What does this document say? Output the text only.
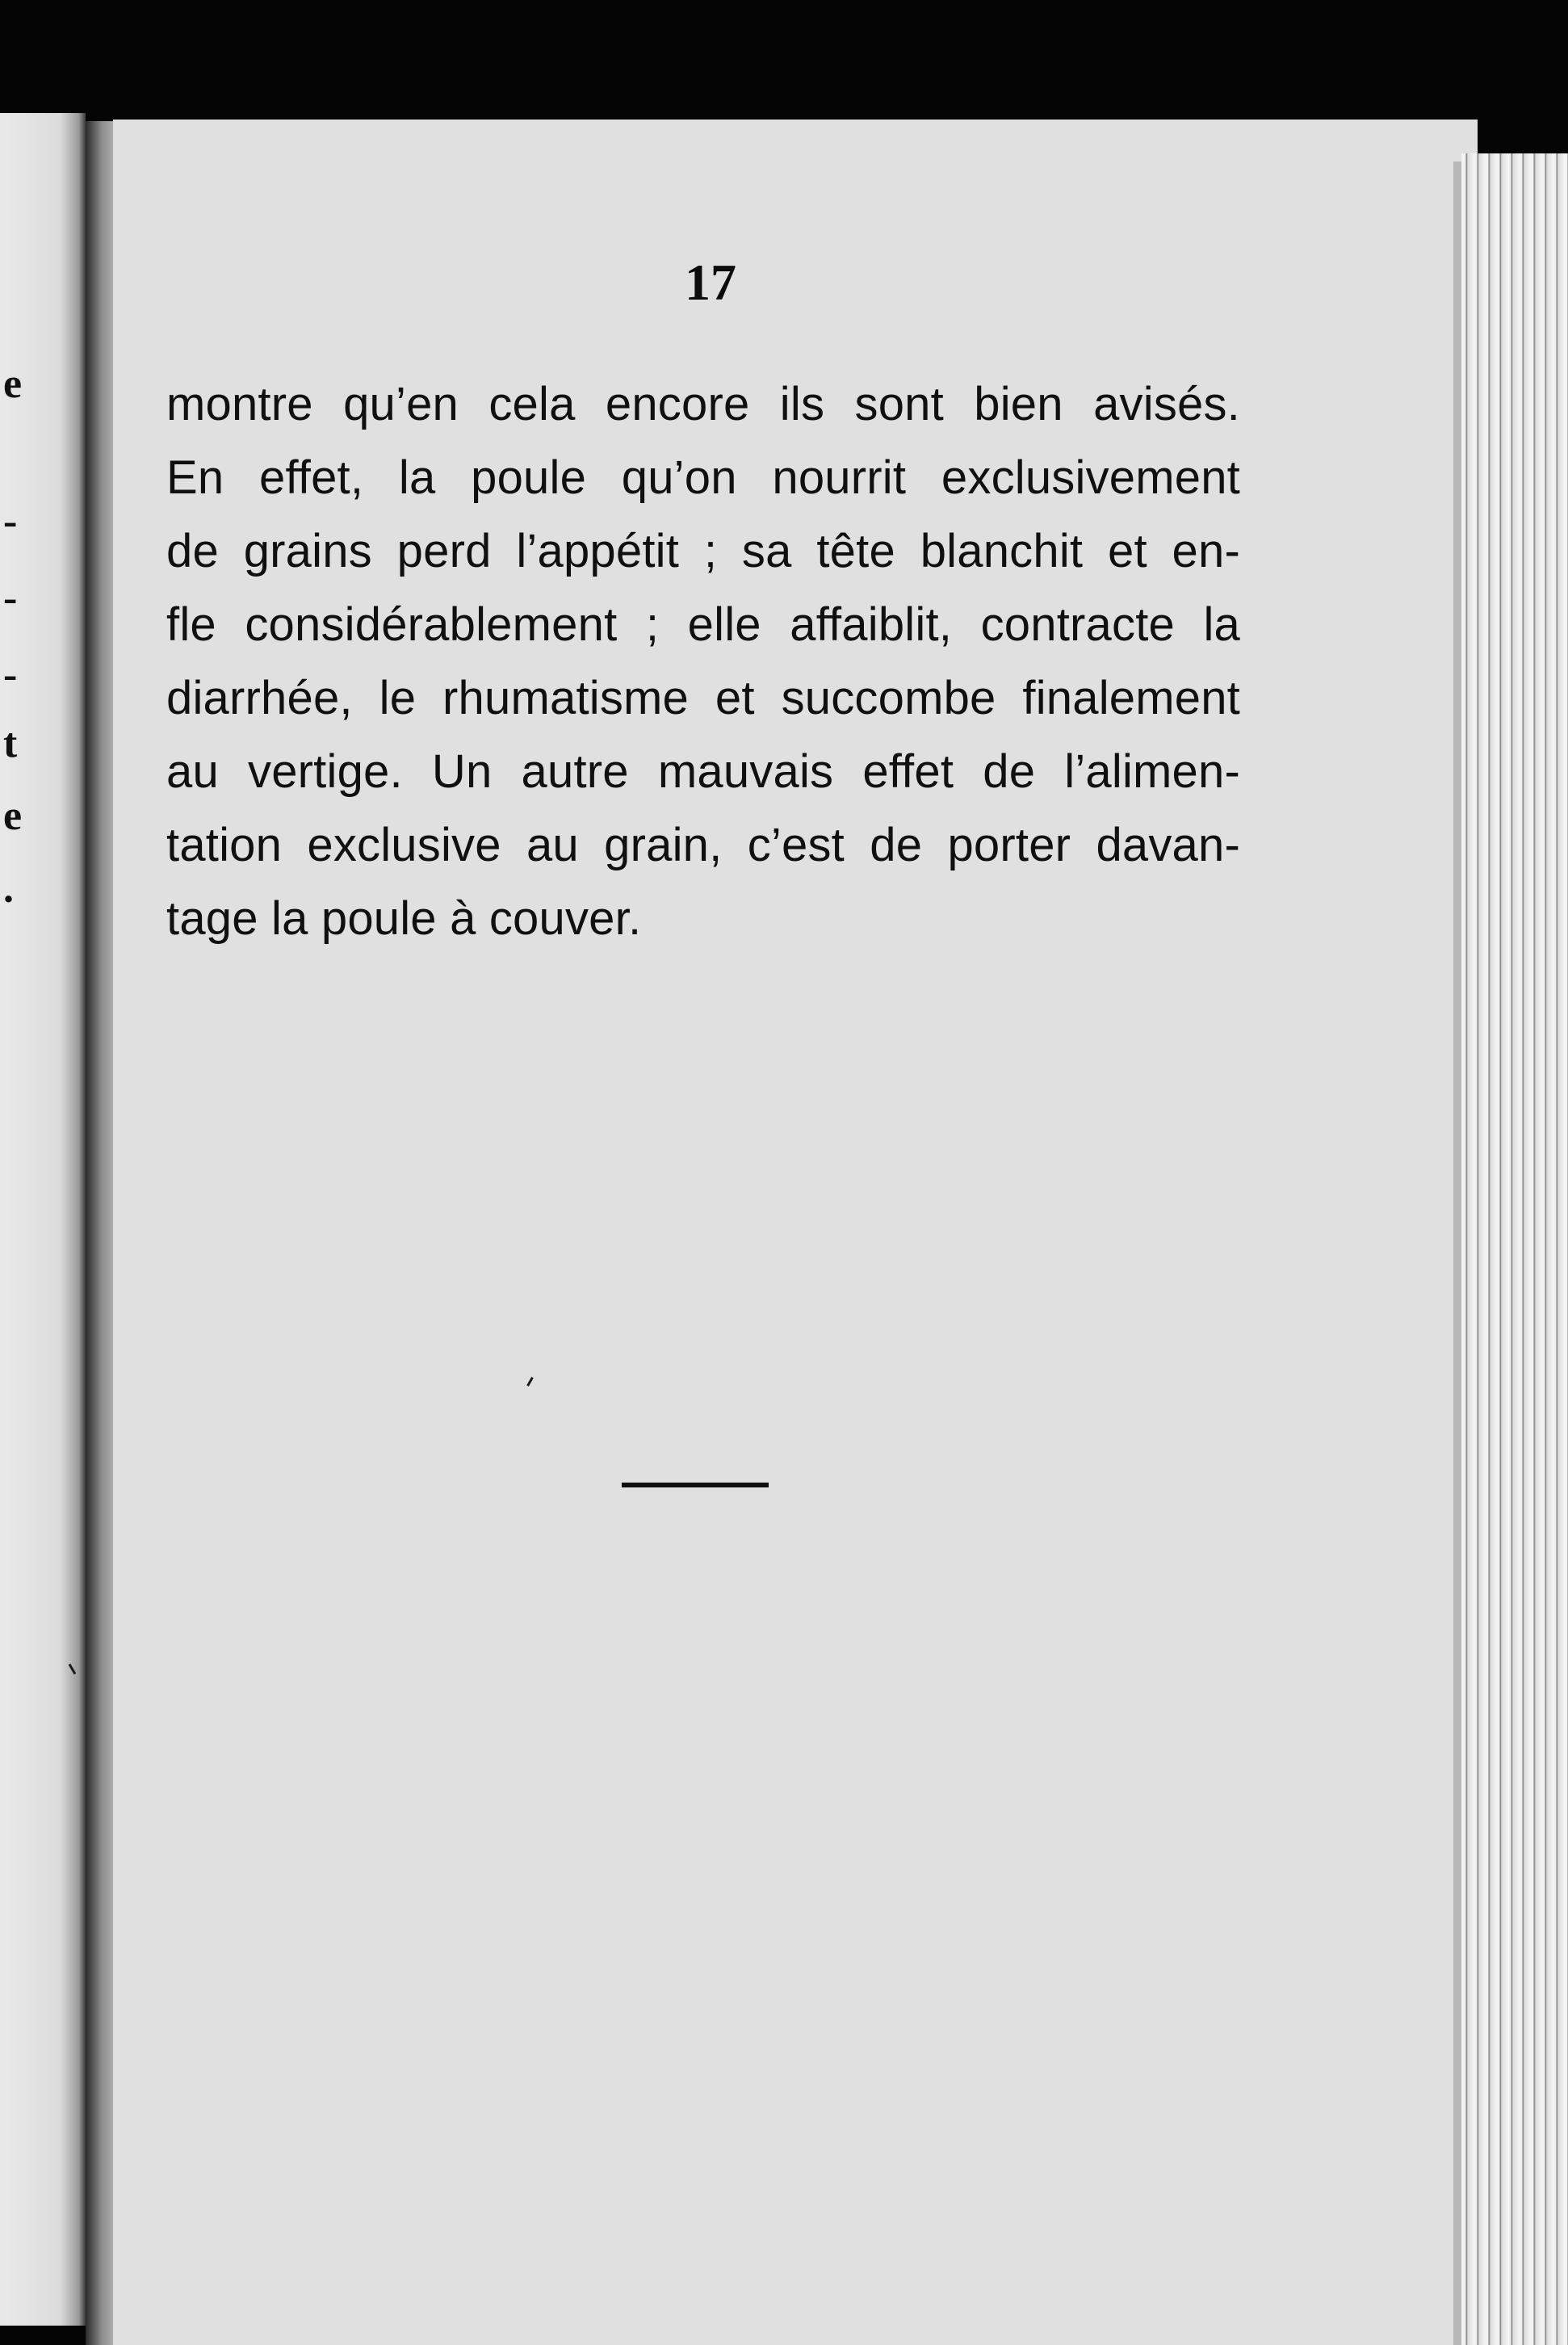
e
-
-
-
t
e
.
17
montre qu’en cela encore ils sont bien avisés.
En effet, la poule qu’on nourrit exclusivement
de grains perd l’appétit ; sa tête blanchit et en-
fle considérablement ; elle affaiblit, contracte la
diarrhée, le rhumatisme et succombe finalement
au vertige. Un autre mauvais effet de l’alimen-
tation exclusive au grain, c’est de porter davan-
tage la poule à couver.
